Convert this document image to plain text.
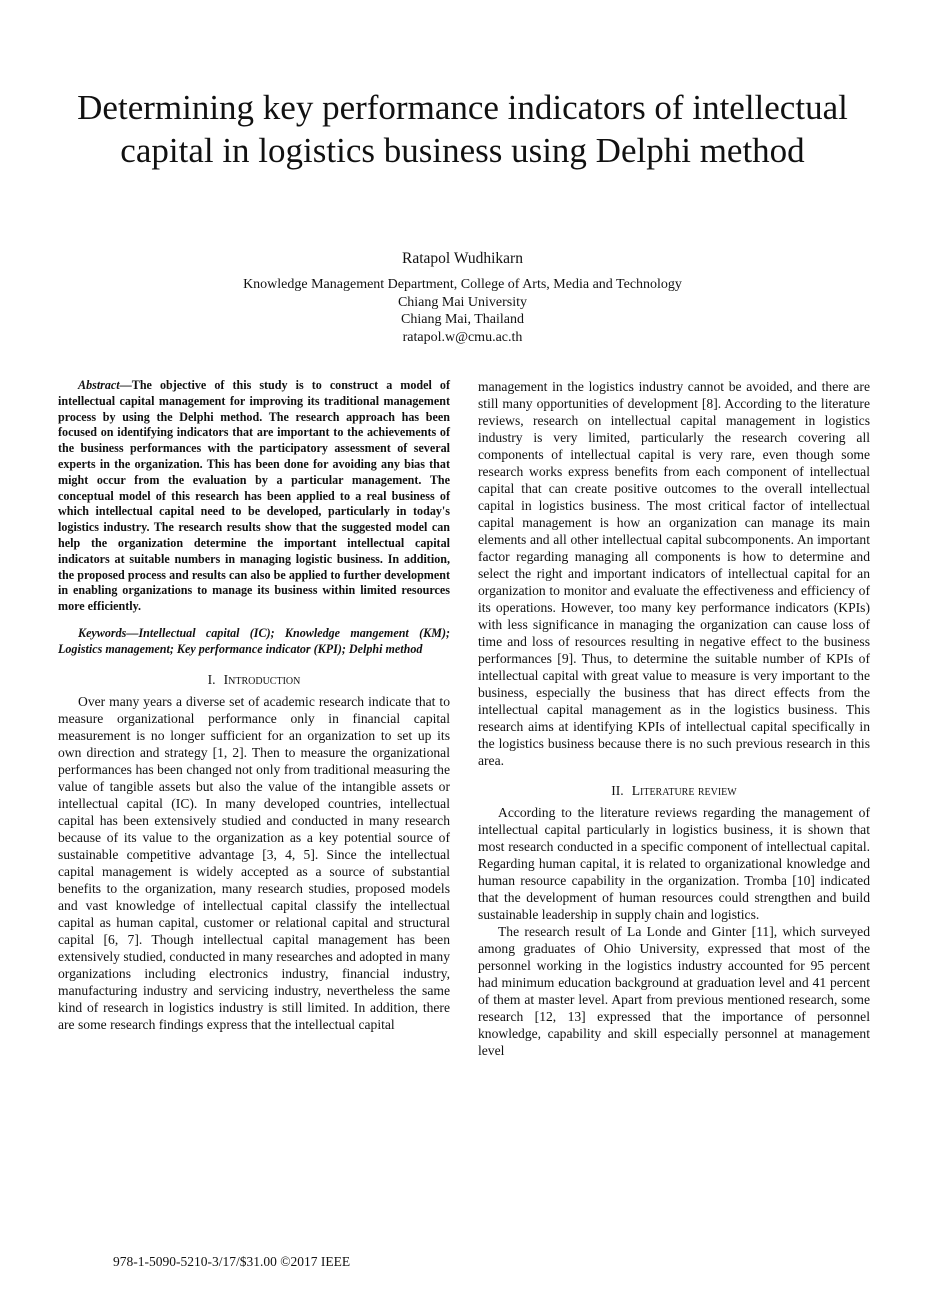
Determining key performance indicators of intellectual capital in logistics business using Delphi method
Ratapol Wudhikarn
Knowledge Management Department, College of Arts, Media and Technology
Chiang Mai University
Chiang Mai, Thailand
ratapol.w@cmu.ac.th

Abstract—The objective of this study is to construct a model of intellectual capital management for improving its traditional management process by using the Delphi method. The research approach has been focused on identifying indicators that are important to the achievements of the business performances with the participatory assessment of several experts in the organization. This has been done for avoiding any bias that might occur from the evaluation by a particular management. The conceptual model of this research has been applied to a real business of which intellectual capital need to be developed, particularly in today's logistics industry. The research results show that the suggested model can help the organization determine the important intellectual capital indicators at suitable numbers in managing logistic business. In addition, the proposed process and results can also be applied to further development in enabling organizations to manage its business within limited resources more efficiently.

Keywords—Intellectual capital (IC); Knowledge mangement (KM); Logistics management; Key performance indicator (KPI); Delphi method

I. Introduction

Over many years a diverse set of academic research indicate that to measure organizational performance only in financial capital measurement is no longer sufficient for an organization to set up its own direction and strategy [1, 2]. Then to measure the organizational performances has been changed not only from traditional measuring the value of tangible assets but also the value of the intangible assets or intellectual capital (IC). In many developed countries, intellectual capital has been extensively studied and conducted in many research because of its value to the organization as a key potential source of sustainable competitive advantage [3, 4, 5]. Since the intellectual capital management is widely accepted as a source of substantial benefits to the organization, many research studies, proposed models and vast knowledge of intellectual capital classify the intellectual capital as human capital, customer or relational capital and structural capital [6, 7]. Though intellectual capital management has been extensively studied, conducted in many researches and adopted in many organizations including electronics industry, financial industry, manufacturing industry and servicing industry, nevertheless the same kind of research in logistics industry is still limited. In addition, there are some research findings express that the intellectual capital

management in the logistics industry cannot be avoided, and there are still many opportunities of development [8]. According to the literature reviews, research on intellectual capital management in logistics industry is very limited, particularly the research covering all components of intellectual capital is very rare, even though some research works express benefits from each component of intellectual capital that can create positive outcomes to the overall intellectual capital in logistics business. The most critical factor of intellectual capital management is how an organization can manage its main elements and all other intellectual capital subcomponents. An important factor regarding managing all components is how to determine and select the right and important indicators of intellectual capital for an organization to monitor and evaluate the effectiveness and efficiency of its operations. However, too many key performance indicators (KPIs) with less significance in managing the organization can cause loss of time and loss of resources resulting in negative effect to the business performances [9]. Thus, to determine the suitable number of KPIs of intellectual capital with great value to measure is very important to the business, especially the business that has direct effects from the intellectual capital management as in the logistics business. This research aims at identifying KPIs of intellectual capital specifically in the logistics business because there is no such previous research in this area.

II. Literature review

According to the literature reviews regarding the management of intellectual capital particularly in logistics business, it is shown that most research conducted in a specific component of intellectual capital. Regarding human capital, it is related to organizational knowledge and human resource capability in the organization. Tromba [10] indicated that the development of human resources could strengthen and build sustainable leadership in supply chain and logistics.

The research result of La Londe and Ginter [11], which surveyed among graduates of Ohio University, expressed that most of the personnel working in the logistics industry accounted for 95 percent had minimum education background at graduation level and 41 percent of them at master level. Apart from previous mentioned research, some research [12, 13] expressed that the importance of personnel knowledge, capability and skill especially personnel at management level

978-1-5090-5210-3/17/$31.00 ©2017 IEEE
